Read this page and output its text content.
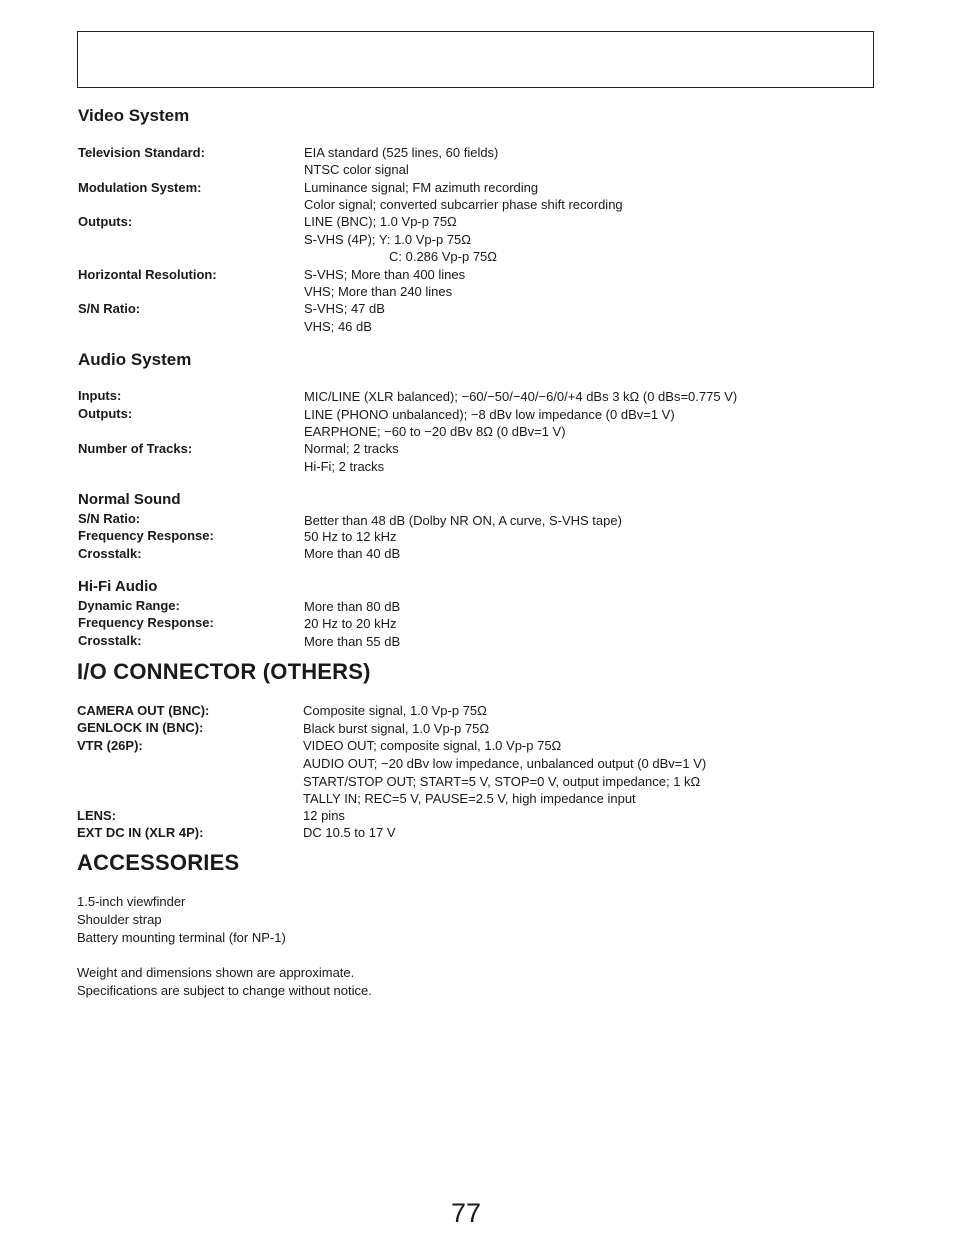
Video System
Television Standard:	EIA standard (525 lines, 60 fields)
NTSC color signal
Modulation System:	Luminance signal; FM azimuth recording
Color signal; converted subcarrier phase shift recording
Outputs:	LINE (BNC); 1.0 Vp-p 75Ω
S-VHS (4P); Y: 1.0 Vp-p 75Ω
C: 0.286 Vp-p 75Ω
Horizontal Resolution:	S-VHS; More than 400 lines
VHS; More than 240 lines
S/N Ratio:	S-VHS; 47 dB
VHS; 46 dB
Audio System
Inputs:	MIC/LINE (XLR balanced); −60/−50/−40/−6/0/+4 dBs 3 kΩ (0 dBs=0.775 V)
Outputs:	LINE (PHONO unbalanced); −8 dBv low impedance (0 dBv=1 V)
EARPHONE; −60 to −20 dBv 8Ω (0 dBv=1 V)
Number of Tracks:	Normal; 2 tracks
Hi-Fi; 2 tracks
Normal Sound
S/N Ratio:	Better than 48 dB (Dolby NR ON, A curve, S-VHS tape)
Frequency Response:	50 Hz to 12 kHz
Crosstalk:	More than 40 dB
Hi-Fi Audio
Dynamic Range:	More than 80 dB
Frequency Response:	20 Hz to 20 kHz
Crosstalk:	More than 55 dB
I/O CONNECTOR (OTHERS)
CAMERA OUT (BNC):	Composite signal, 1.0 Vp-p 75Ω
GENLOCK IN (BNC):	Black burst signal, 1.0 Vp-p 75Ω
VTR (26P):	VIDEO OUT; composite signal, 1.0 Vp-p 75Ω
AUDIO OUT; −20 dBv low impedance, unbalanced output (0 dBv=1 V)
START/STOP OUT; START=5 V, STOP=0 V, output impedance; 1 kΩ
TALLY IN; REC=5 V, PAUSE=2.5 V, high impedance input
LENS:	12 pins
EXT DC IN (XLR 4P):	DC 10.5 to 17 V
ACCESSORIES
1.5-inch viewfinder
Shoulder strap
Battery mounting terminal (for NP-1)
Weight and dimensions shown are approximate.
Specifications are subject to change without notice.
77
